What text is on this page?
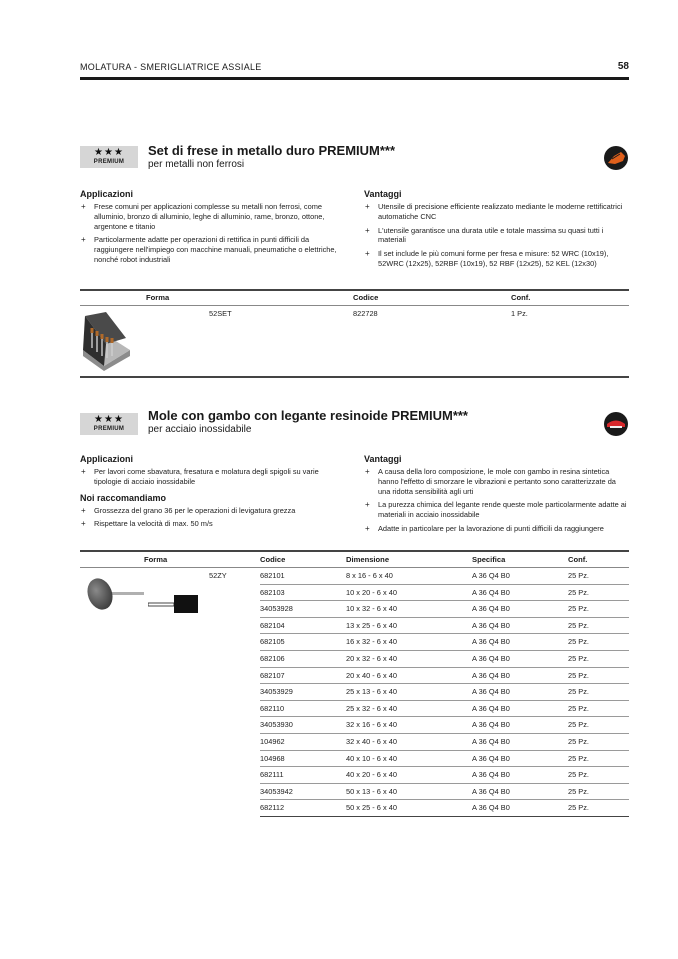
MOLATURA - SMERIGLIATRICE ASSIALE	58
★★★
PREMIUM
Set di frese in metallo duro PREMIUM***
per metalli non ferrosi
Applicazioni
+ Frese comuni per applicazioni complesse su metalli non ferrosi, come alluminio, bronzo di alluminio, leghe di alluminio, rame, bronzo, ottone, argentone e titanio
+ Particolarmente adatte per operazioni di rettifica in punti difficili da raggiungere nell'impiego con macchine manuali, pneumatiche o elettriche, nonché robot industriali
Vantaggi
+ Utensile di precisione efficiente realizzato mediante le moderne rettificatrici automatiche CNC
+ L'utensile garantisce una durata utile e totale massima su quasi tutti i materiali
+ Il set include le più comuni forme per fresa e misure: 52 WRC (10x19), 52WRC (12x25), 52RBF (10x19), 52 RBF (12x25), 52 KEL (12x30)
Forma	Codice	Conf.
52SET	822728	1 Pz.
★★★
PREMIUM
Mole con gambo con legante resinoide PREMIUM***
per acciaio inossidabile
Applicazioni
+ Per lavori come sbavatura, fresatura e molatura degli spigoli su varie tipologie di acciaio inossidabile
Noi raccomandiamo
+ Grossezza del grano 36 per le operazioni di levigatura grezza
+ Rispettare la velocità di max. 50 m/s
Vantaggi
+ A causa della loro composizione, le mole con gambo in resina sintetica hanno l'effetto di smorzare le vibrazioni e pertanto sono caratterizzate da una ridotta sensibilità agli urti
+ La purezza chimica del legante rende queste mole particolarmente adatte ai materiali in acciaio inossidabile
+ Adatte in particolare per la lavorazione di punti difficili da raggiungere
Forma	Codice	Dimensione	Specifica	Conf.
52ZY	682101	8 x 16 - 6 x 40	A 36 Q4 B0	25 Pz.
682103	10 x 20 - 6 x 40	A 36 Q4 B0	25 Pz.
34053928	10 x 32 - 6 x 40	A 36 Q4 B0	25 Pz.
682104	13 x 25 - 6 x 40	A 36 Q4 B0	25 Pz.
682105	16 x 32 - 6 x 40	A 36 Q4 B0	25 Pz.
682106	20 x 32 - 6 x 40	A 36 Q4 B0	25 Pz.
682107	20 x 40 - 6 x 40	A 36 Q4 B0	25 Pz.
34053929	25 x 13 - 6 x 40	A 36 Q4 B0	25 Pz.
682110	25 x 32 - 6 x 40	A 36 Q4 B0	25 Pz.
34053930	32 x 16 - 6 x 40	A 36 Q4 B0	25 Pz.
104962	32 x 40 - 6 x 40	A 36 Q4 B0	25 Pz.
104968	40 x 10 - 6 x 40	A 36 Q4 B0	25 Pz.
682111	40 x 20 - 6 x 40	A 36 Q4 B0	25 Pz.
34053942	50 x 13 - 6 x 40	A 36 Q4 B0	25 Pz.
682112	50 x 25 - 6 x 40	A 36 Q4 B0	25 Pz.
